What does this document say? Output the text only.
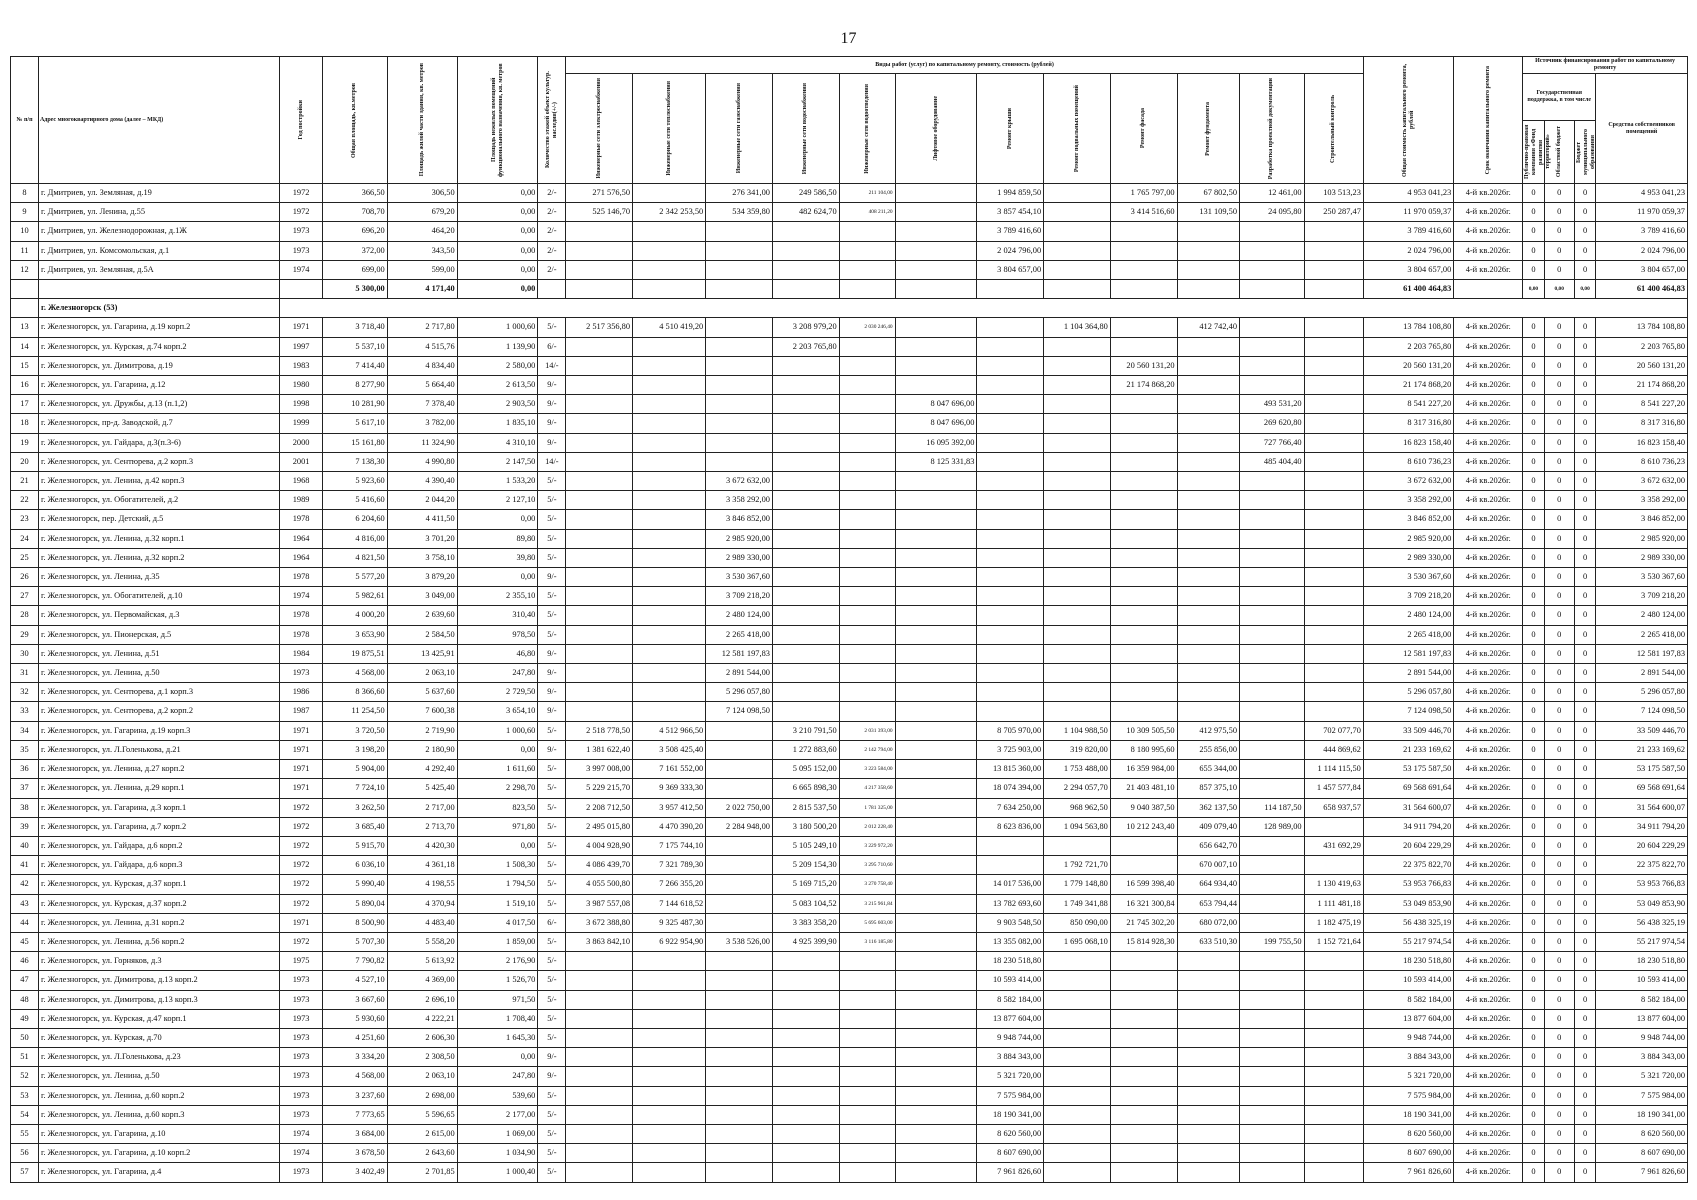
17
№ п/п	Адрес многоквартирного дома (далее – МКД)	Год постройки	Общая площадь, кв.метров	Площадь жилой части здания, кв. метров	Площадь нежилых помещений функционального назначения, кв. метров	Количество этажей объект культур. наследия(+/-)	Виды работ (услуг) по капитальному ремонту, стоимость (рублей)												Общая стоимость капитального ремонта, рублей	Срок окончания капитального ремонта	Источник финансирования работ по капитальному ремонту			

							Инженерные сети электроснабжения	Инженерные сети теплоснабжения	Инженерные сети газоснабжения	Инженерные сети водоснабжения	Инженерные сети водоотведения	Лифтовое оборудование	Ремонт крыши	Ремонт подвальных помещений	Ремонт фасада	Ремонт фундамента	Разработка проектной документации	Строительный контроль			Государственная поддержка, в том числе			Средства собственников помещений

																					Публично-правовая компания «Фонд развития территорий»	Областной бюджет	Бюджет муниципального образования	

8	г. Дмитриев, ул. Земляная, д.19	1972	366,50	306,50	0,00	2/-	271 576,50		276 341,00	249 586,50	211 104,00		1 994 859,50		1 765 797,00	67 802,50	12 461,00	103 513,23	4 953 041,23	4-й кв.2026г.	0	0	0	4 953 041,23
9	г. Дмитриев, ул. Ленина, д.55	1972	708,70	679,20	0,00	2/-	525 146,70	2 342 253,50	534 359,80	482 624,70	408 211,20		3 857 454,10		3 414 516,60	131 109,50	24 095,80	250 287,47	11 970 059,37	4-й кв.2026г.	0	0	0	11 970 059,37
10	г. Дмитриев, ул. Железнодорожная, д.1Ж	1973	696,20	464,20	0,00	2/-							3 789 416,60						3 789 416,60	4-й кв.2026г.	0	0	0	3 789 416,60
11	г. Дмитриев, ул. Комсомольская, д.1	1973	372,00	343,50	0,00	2/-							2 024 796,00						2 024 796,00	4-й кв.2026г.	0	0	0	2 024 796,00
12	г. Дмитриев, ул. Земляная, д.5А	1974	699,00	599,00	0,00	2/-							3 804 657,00						3 804 657,00	4-й кв.2026г.	0	0	0	3 804 657,00
			5 300,00	4 171,40	0,00														61 400 464,83		0,00	0,00	0,00	61 400 464,83
	г. Железногорск (53)																							
13	г. Железногорск, ул. Гагарина, д.19 корп.2	1971	3 718,40	2 717,80	1 000,60	5/-	2 517 356,80	4 510 419,20		3 208 979,20	2 030 246,40			1 104 364,80		412 742,40			13 784 108,80	4-й кв.2026г.	0	0	0	13 784 108,80
14	г. Железногорск, ул. Курская, д.74 корп.2	1997	5 537,10	4 515,76	1 139,90	6/-				2 203 765,80									2 203 765,80	4-й кв.2026г.	0	0	0	2 203 765,80
15	г. Железногорск, ул. Димитрова, д.19	1983	7 414,40	4 834,40	2 580,00	14/-									20 560 131,20				20 560 131,20	4-й кв.2026г.	0	0	0	20 560 131,20
16	г. Железногорск, ул. Гагарина, д.12	1980	8 277,90	5 664,40	2 613,50	9/-									21 174 868,20				21 174 868,20	4-й кв.2026г.	0	0	0	21 174 868,20
17	г. Железногорск, ул. Дружбы, д.13 (п.1,2)	1998	10 281,90	7 378,40	2 903,50	9/-						8 047 696,00					493 531,20		8 541 227,20	4-й кв.2026г.	0	0	0	8 541 227,20
18	г. Железногорск, пр-д. Заводской, д.7	1999	5 617,10	3 782,00	1 835,10	9/-						8 047 696,00					269 620,80		8 317 316,80	4-й кв.2026г.	0	0	0	8 317 316,80
19	г. Железногорск, ул. Гайдара, д.3(п.3-6)	2000	15 161,80	11 324,90	4 310,10	9/-						16 095 392,00					727 766,40		16 823 158,40	4-й кв.2026г.	0	0	0	16 823 158,40
20	г. Железногорск, ул. Сентюрева, д.2 корп.3	2001	7 138,30	4 990,80	2 147,50	14/-						8 125 331,83					485 404,40		8 610 736,23	4-й кв.2026г.	0	0	0	8 610 736,23
21	г. Железногорск, ул. Ленина, д.42 корп.3	1968	5 923,60	4 390,40	1 533,20	5/-			3 672 632,00										3 672 632,00	4-й кв.2026г.	0	0	0	3 672 632,00
22	г. Железногорск, ул. Обогатителей, д.2	1989	5 416,60	2 044,20	2 127,10	5/-			3 358 292,00										3 358 292,00	4-й кв.2026г.	0	0	0	3 358 292,00
23	г. Железногорск, пер. Детский, д.5	1978	6 204,60	4 411,50	0,00	5/-			3 846 852,00										3 846 852,00	4-й кв.2026г.	0	0	0	3 846 852,00
24	г. Железногорск, ул. Ленина, д.32 корп.1	1964	4 816,00	3 701,20	89,80	5/-			2 985 920,00										2 985 920,00	4-й кв.2026г.	0	0	0	2 985 920,00
25	г. Железногорск, ул. Ленина, д.32 корп.2	1964	4 821,50	3 758,10	39,80	5/-			2 989 330,00										2 989 330,00	4-й кв.2026г.	0	0	0	2 989 330,00
26	г. Железногорск, ул. Ленина, д.35	1978	5 577,20	3 879,20	0,00	9/-			3 530 367,60										3 530 367,60	4-й кв.2026г.	0	0	0	3 530 367,60
27	г. Железногорск, ул. Обогатителей, д.10	1974	5 982,61	3 049,00	2 355,10	5/-			3 709 218,20										3 709 218,20	4-й кв.2026г.	0	0	0	3 709 218,20
28	г. Железногорск, ул. Первомайская, д.3	1978	4 000,20	2 639,60	310,40	5/-			2 480 124,00										2 480 124,00	4-й кв.2026г.	0	0	0	2 480 124,00
29	г. Железногорск, ул. Пионерская, д.5	1978	3 653,90	2 584,50	978,50	5/-			2 265 418,00										2 265 418,00	4-й кв.2026г.	0	0	0	2 265 418,00
30	г. Железногорск, ул. Ленина, д.51	1984	19 875,51	13 425,91	46,80	9/-			12 581 197,83										12 581 197,83	4-й кв.2026г.	0	0	0	12 581 197,83
31	г. Железногорск, ул. Ленина, д.50	1973	4 568,00	2 063,10	247,80	9/-			2 891 544,00										2 891 544,00	4-й кв.2026г.	0	0	0	2 891 544,00
32	г. Железногорск, ул. Сентюрева, д.1 корп.3	1986	8 366,60	5 637,60	2 729,50	9/-			5 296 057,80										5 296 057,80	4-й кв.2026г.	0	0	0	5 296 057,80
33	г. Железногорск, ул. Сентюрева, д.2 корп.2	1987	11 254,50	7 600,38	3 654,10	9/-			7 124 098,50										7 124 098,50	4-й кв.2026г.	0	0	0	7 124 098,50
34	г. Железногорск, ул. Гагарина, д.19 корп.3	1971	3 720,50	2 719,90	1 000,60	5/-	2 518 778,50	4 512 966,50		3 210 791,50	2 031 393,00		8 705 970,00	1 104 988,50	10 309 505,50	412 975,50		702 077,70	33 509 446,70	4-й кв.2026г.	0	0	0	33 509 446,70
35	г. Железногорск, ул. Л.Голенькова, д.21	1971	3 198,20	2 180,90	0,00	9/-	1 381 622,40	3 508 425,40		1 272 883,60	2 142 794,00		3 725 903,00	319 820,00	8 180 995,60	255 856,00		444 869,62	21 233 169,62	4-й кв.2026г.	0	0	0	21 233 169,62
36	г. Железногорск, ул. Ленина, д.27 корп.2	1971	5 904,00	4 292,40	1 611,60	5/-	3 997 008,00	7 161 552,00		5 095 152,00	3 223 584,00		13 815 360,00	1 753 488,00	16 359 984,00	655 344,00		1 114 115,50	53 175 587,50	4-й кв.2026г.	0	0	0	53 175 587,50
37	г. Железногорск, ул. Ленина, д.29 корп.1	1971	7 724,10	5 425,40	2 298,70	5/-	5 229 215,70	9 369 333,30		6 665 898,30	4 217 358,60		18 074 394,00	2 294 057,70	21 403 481,10	857 375,10		1 457 577,84	69 568 691,64	4-й кв.2026г.	0	0	0	69 568 691,64
38	г. Железногорск, ул. Гагарина, д.3 корп.1	1972	3 262,50	2 717,00	823,50	5/-	2 208 712,50	3 957 412,50	2 022 750,00	2 815 537,50	1 781 325,00		7 634 250,00	968 962,50	9 040 387,50	362 137,50	114 187,50	658 937,57	31 564 600,07	4-й кв.2026г.	0	0	0	31 564 600,07
39	г. Железногорск, ул. Гагарина, д.7 корп.2	1972	3 685,40	2 713,70	971,80	5/-	2 495 015,80	4 470 390,20	2 284 948,00	3 180 500,20	2 012 228,40		8 623 836,00	1 094 563,80	10 212 243,40	409 079,40	128 989,00		34 911 794,20	4-й кв.2026г.	0	0	0	34 911 794,20
40	г. Железногорск, ул. Гайдара, д.6 корп.2	1972	5 915,70	4 420,30	0,00	5/-	4 004 928,90	7 175 744,10		5 105 249,10	3 229 972,20					656 642,70		431 692,29	20 604 229,29	4-й кв.2026г.	0	0	0	20 604 229,29
41	г. Железногорск, ул. Гайдара, д.6 корп.3	1972	6 036,10	4 361,18	1 508,30	5/-	4 086 439,70	7 321 789,30		5 209 154,30	3 295 710,60			1 792 721,70		670 007,10			22 375 822,70	4-й кв.2026г.	0	0	0	22 375 822,70
42	г. Железногорск, ул. Курская, д.37 корп.1	1972	5 990,40	4 198,55	1 794,50	5/-	4 055 500,80	7 266 355,20		5 169 715,20	3 270 758,40		14 017 536,00	1 779 148,80	16 599 398,40	664 934,40		1 130 419,63	53 953 766,83	4-й кв.2026г.	0	0	0	53 953 766,83
43	г. Железногорск, ул. Курская, д.37 корп.2	1972	5 890,04	4 370,94	1 519,10	5/-	3 987 557,08	7 144 618,52		5 083 104,52	3 215 961,84		13 782 693,60	1 749 341,88	16 321 300,84	653 794,44		1 111 481,18	53 049 853,90	4-й кв.2026г.	0	0	0	53 049 853,90
44	г. Железногорск, ул. Ленина, д.31 корп.2	1971	8 500,90	4 483,40	4 017,50	6/-	3 672 388,80	9 325 487,30		3 383 358,20	5 695 603,00		9 903 548,50	850 090,00	21 745 302,20	680 072,00		1 182 475,19	56 438 325,19	4-й кв.2026г.	0	0	0	56 438 325,19
45	г. Железногорск, ул. Ленина, д.56 корп.2	1972	5 707,30	5 558,20	1 859,00	5/-	3 863 842,10	6 922 954,90	3 538 526,00	4 925 399,90	3 116 185,80		13 355 082,00	1 695 068,10	15 814 928,30	633 510,30	199 755,50	1 152 721,64	55 217 974,54	4-й кв.2026г.	0	0	0	55 217 974,54
46	г. Железногорск, ул. Горняков, д.3	1975	7 790,82	5 613,92	2 176,90	5/-							18 230 518,80						18 230 518,80	4-й кв.2026г.	0	0	0	18 230 518,80
47	г. Железногорск, ул. Димитрова, д.13 корп.2	1973	4 527,10	4 369,00	1 526,70	5/-							10 593 414,00						10 593 414,00	4-й кв.2026г.	0	0	0	10 593 414,00
48	г. Железногорск, ул. Димитрова, д.13 корп.3	1973	3 667,60	2 696,10	971,50	5/-							8 582 184,00						8 582 184,00	4-й кв.2026г.	0	0	0	8 582 184,00
49	г. Железногорск, ул. Курская, д.47 корп.1	1973	5 930,60	4 222,21	1 708,40	5/-							13 877 604,00						13 877 604,00	4-й кв.2026г.	0	0	0	13 877 604,00
50	г. Железногорск, ул. Курская, д.70	1973	4 251,60	2 606,30	1 645,30	5/-							9 948 744,00						9 948 744,00	4-й кв.2026г.	0	0	0	9 948 744,00
51	г. Железногорск, ул. Л.Голенькова, д.23	1973	3 334,20	2 308,50	0,00	9/-							3 884 343,00						3 884 343,00	4-й кв.2026г.	0	0	0	3 884 343,00
52	г. Железногорск, ул. Ленина, д.50	1973	4 568,00	2 063,10	247,80	9/-							5 321 720,00						5 321 720,00	4-й кв.2026г.	0	0	0	5 321 720,00
53	г. Железногорск, ул. Ленина, д.60 корп.2	1973	3 237,60	2 698,00	539,60	5/-							7 575 984,00						7 575 984,00	4-й кв.2026г.	0	0	0	7 575 984,00
54	г. Железногорск, ул. Ленина, д.60 корп.3	1973	7 773,65	5 596,65	2 177,00	5/-							18 190 341,00						18 190 341,00	4-й кв.2026г.	0	0	0	18 190 341,00
55	г. Железногорск, ул. Гагарина, д.10	1974	3 684,00	2 615,00	1 069,00	5/-							8 620 560,00						8 620 560,00	4-й кв.2026г.	0	0	0	8 620 560,00
56	г. Железногорск, ул. Гагарина, д.10 корп.2	1974	3 678,50	2 643,60	1 034,90	5/-							8 607 690,00						8 607 690,00	4-й кв.2026г.	0	0	0	8 607 690,00
57	г. Железногорск, ул. Гагарина, д.4	1973	3 402,49	2 701,85	1 000,40	5/-							7 961 826,60						7 961 826,60	4-й кв.2026г.	0	0	0	7 961 826,60
